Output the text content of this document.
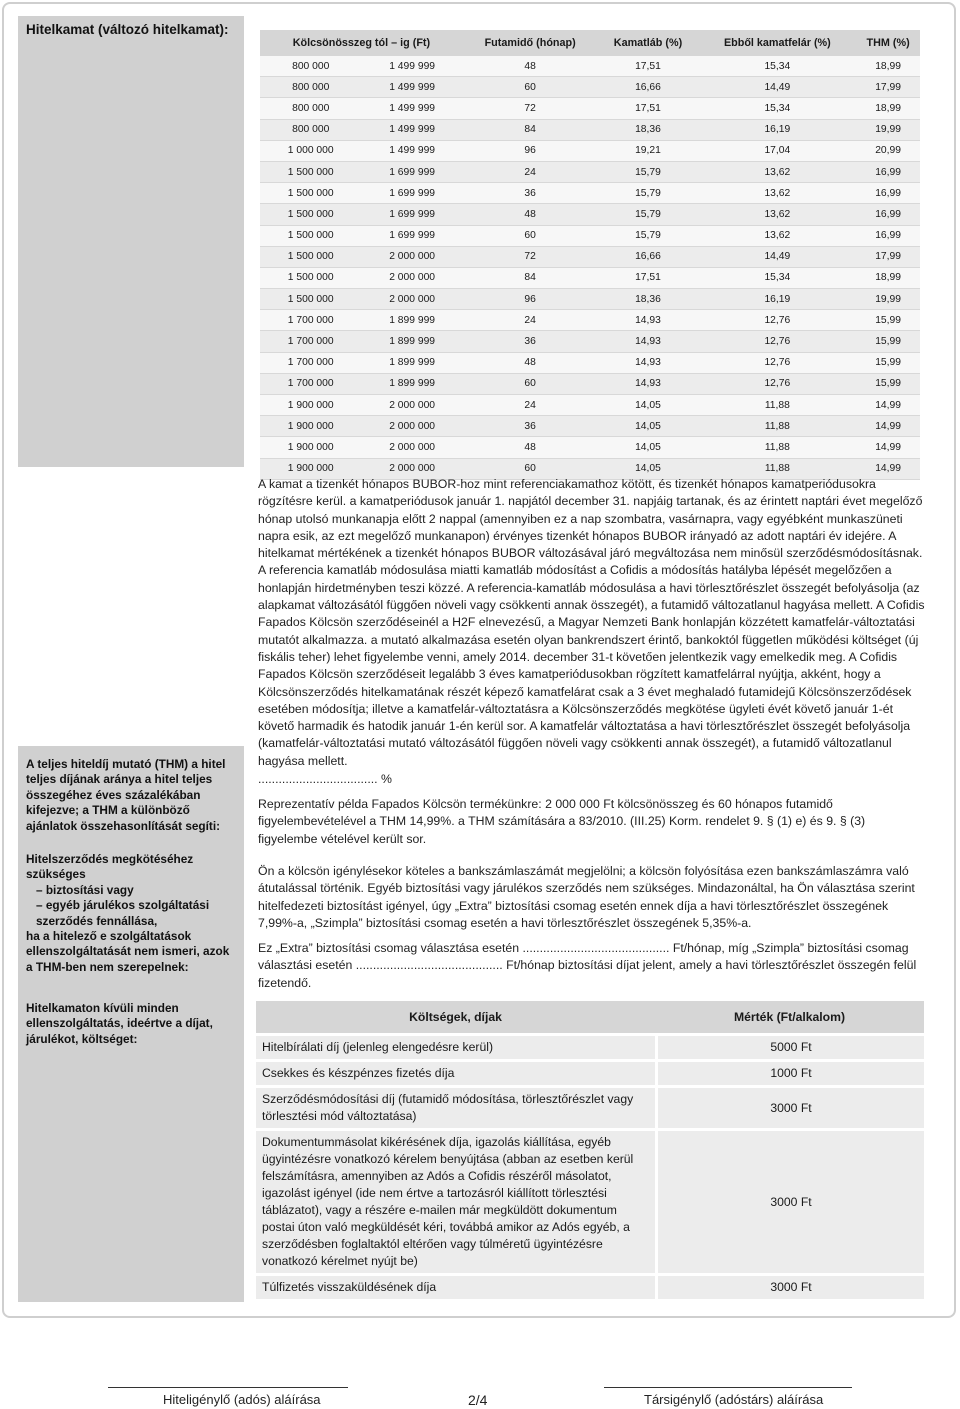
Hitelkamat (változó hitelkamat):
Kölcsönösszeg tól – ig (Ft)		Futamidő (hónap)	Kamatláb (%)	Ebből kamatfelár (%)	THM (%)
800 000	1 499 999	48	17,51	15,34	18,99
800 000	1 499 999	60	16,66	14,49	17,99
800 000	1 499 999	72	17,51	15,34	18,99
800 000	1 499 999	84	18,36	16,19	19,99
1 000 000	1 499 999	96	19,21	17,04	20,99
1 500 000	1 699 999	24	15,79	13,62	16,99
1 500 000	1 699 999	36	15,79	13,62	16,99
1 500 000	1 699 999	48	15,79	13,62	16,99
1 500 000	1 699 999	60	15,79	13,62	16,99
1 500 000	2 000 000	72	16,66	14,49	17,99
1 500 000	2 000 000	84	17,51	15,34	18,99
1 500 000	2 000 000	96	18,36	16,19	19,99
1 700 000	1 899 999	24	14,93	12,76	15,99
1 700 000	1 899 999	36	14,93	12,76	15,99
1 700 000	1 899 999	48	14,93	12,76	15,99
1 700 000	1 899 999	60	14,93	12,76	15,99
1 900 000	2 000 000	24	14,05	11,88	14,99
1 900 000	2 000 000	36	14,05	11,88	14,99
1 900 000	2 000 000	48	14,05	11,88	14,99
1 900 000	2 000 000	60	14,05	11,88	14,99

A kamat a tizenkét hónapos BUBOR-hoz mint referenciakamathoz kötött, és tizenkét hónapos kamatperiódusokra rögzítésre kerül. a kamatperiódusok január 1. napjától december 31. napjáig tartanak, és az érintett naptári évet megelőző hónap utolsó munkanapja előtt 2 nappal (amennyiben ez a nap szombatra, vasárnapra, vagy egyébként munkaszüneti napra esik, az ezt megelőző munkanapon) érvényes tizenkét hónapos BUBOR irányadó az adott naptári év idejére. A hitelkamat mértékének a tizenkét hónapos BUBOR változásával járó megváltozása nem minősül szerződésmódosításnak. A referencia kamatláb módosulása miatti kamatláb módosítást a Cofidis a módosítás hatályba lépését megelőzően a honlapján hirdetményben teszi közzé. A referencia-kamatláb módosulása a havi törlesztőrészlet összegét befolyásolja (az alapkamat változásától függően növeli vagy csökkenti annak összegét), a futamidő változatlanul hagyása mellett. A Cofidis Fapados Kölcsön szerződéseinél a H2F elnevezésű, a Magyar Nemzeti Bank honlapján közzétett kamatfelár-változtatási mutatót alkalmazza. a mutató alkalmazása esetén olyan bankrendszert érintő, bankoktól független működési költséget (új fiskális teher) lehet figyelembe venni, amely 2014. december 31-t követően jelentkezik vagy emelkedik meg. A Cofidis Fapados Kölcsön szerződéseit legalább 3 éves kamatperiódusokban rögzített kamatfelárral nyújtja, akként, hogy a Kölcsönszerződés hitelkamatának részét képező kamatfelárat csak a 3 évet meghaladó futamidejű Kölcsönszerződések esetében módosítja; illetve a kamatfelár-változtatásra a Kölcsönszerződés megkötése ügyleti évét követő január 1-ét követő harmadik és hatodik január 1-én kerül sor. A kamatfelár változtatása a havi törlesztőrészlet összegét befolyásolja (kamatfelár-változtatási mutató változásától függően növeli vagy csökkenti annak összegét), a futamidő változatlanul hagyása mellett.

A teljes hiteldíj mutató (THM) a hitel teljes díjának aránya a hitel teljes összegéhez éves százalékában kifejezve; a THM a különböző ajánlatok összehasonlítását segíti:

................................... %

Reprezentatív példa Fapados Kölcsön termékünkre: 2 000 000 Ft kölcsönösszeg és 60 hónapos futamidő figyelembevételével a THM 14,99%. a THM számítására a 83/2010. (III.25) Korm. rendelet 9. § (1) e) és 9. § (3) figyelembe vételével került sor.

Hitelszerződés megkötéséhez szükséges

– biztosítási vagy

– egyéb járulékos szolgáltatási szerződés fennállása,

ha a hitelező e szolgáltatások ellenszolgáltatását nem ismeri, azok a THM-ben nem szerepelnek:

Ön a kölcsön igénylésekor köteles a bankszámlaszámát megjelölni; a kölcsön folyósítása ezen bankszámlaszámra való átutalással történik. Egyéb biztosítási vagy járulékos szerződés nem szükséges. Mindazonáltal, ha Ön választása szerint hitelfedezeti biztosítást igényel, úgy „Extra” biztosítási csomag esetén ennek díja a havi törlesztőrészlet összegének 7,99%-a, „Szimpla” biztosítási csomag esetén a havi törlesztőrészlet összegének 5,35%-a.

Ez „Extra” biztosítási csomag választása esetén ........................................... Ft/hónap, míg „Szimpla” biztosítási csomag választási esetén ........................................... Ft/hónap biztosítási díjat jelent, amely a havi törlesztőrészlet összegén felül fizetendő.

Hitelkamaton kívüli minden ellenszolgáltatás, ideértve a díjat, járulékot, költséget:

Költségek, díjak	Mérték (Ft/alkalom)
Hitelbírálati díj (jelenleg elengedésre kerül)	5000 Ft
Csekkes és készpénzes fizetés díja	1000 Ft
Szerződésmódosítási díj (futamidő módosítása, törlesztőrészlet vagy törlesztési mód változtatása)	3000 Ft
Dokumentummásolat kikérésének díja, igazolás kiállítása, egyéb ügyintézésre vonatkozó kérelem benyújtása (abban az esetben kerül felszámításra, amennyiben az Adós a Cofidis részéről másolatot, igazolást igényel (ide nem értve a tartozásról kiállított törlesztési táblázatot), vagy a részére e-mailen már megküldött dokumentum postai úton való megküldését kéri, továbbá amikor az Adós egyéb, a szerződésben foglaltaktól eltérően vagy túlméretű ügyintézésre vonatkozó kérelmet nyújt be)	3000 Ft
Túlfizetés visszaküldésének díja	3000 Ft
Hiteligénylő (adós) aláírása	2/4	Társigénylő (adóstárs) aláírása
